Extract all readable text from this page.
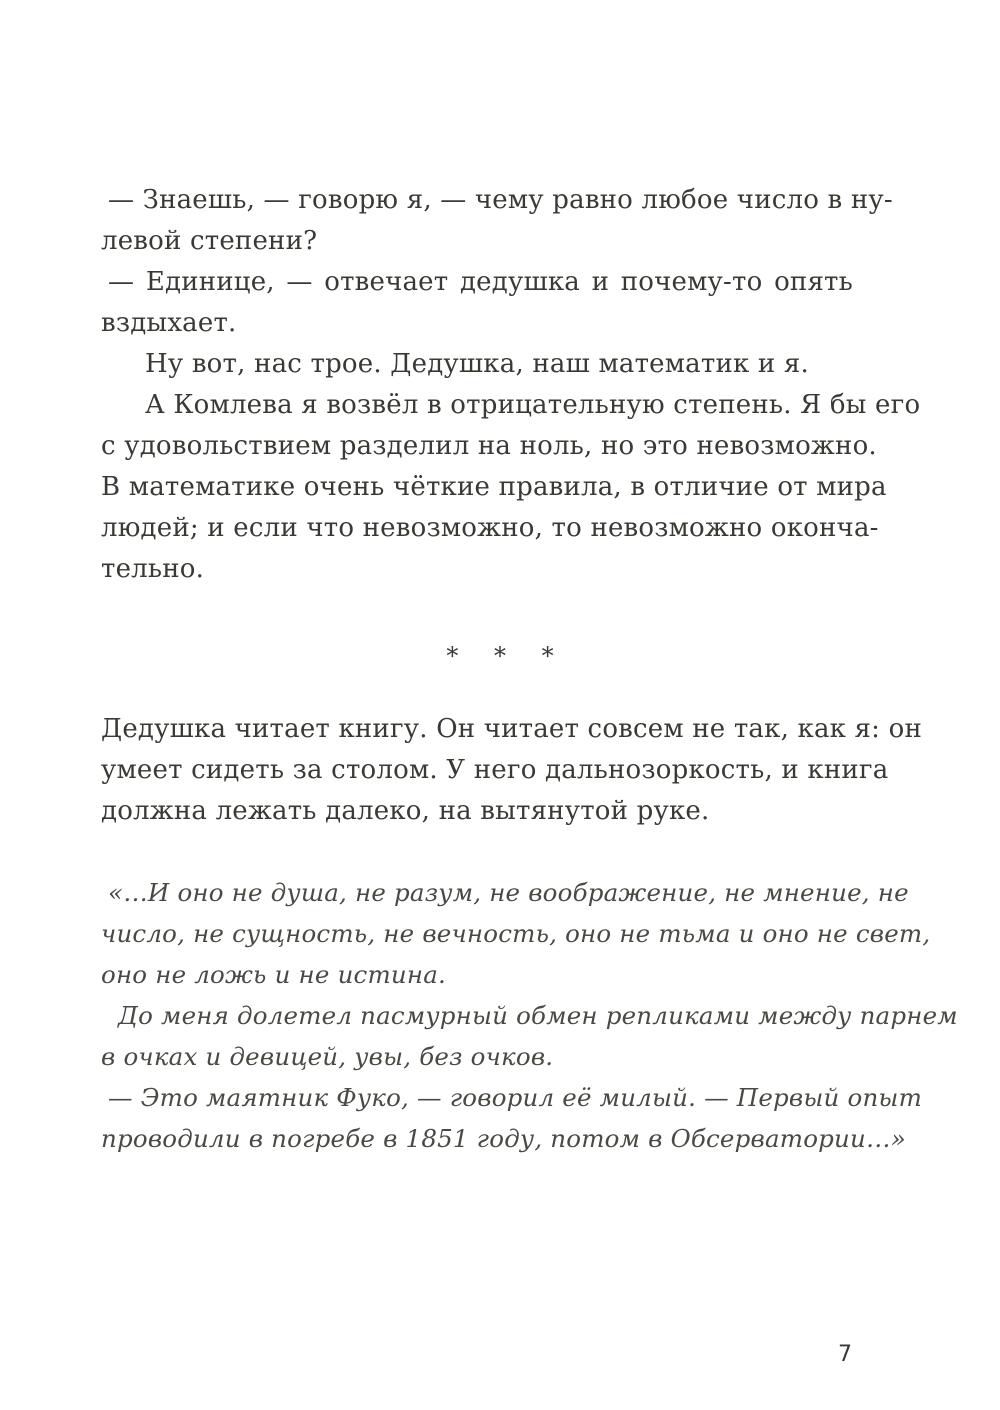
— Знаешь, — говорю я, — чему равно любое число в ну-
левой степени?
— Единице, — отвечает дедушка и почему-то опять
вздыхает.
Ну вот, нас трое. Дедушка, наш математик и я.
А Комлева я возвёл в отрицательную степень. Я бы его
с удовольствием разделил на ноль, но это невозможно.
В математике очень чёткие правила, в отличие от мира
людей; и если что невозможно, то невозможно оконча-
тельно.
* * *
Дедушка читает книгу. Он читает совсем не так, как я: он
умеет сидеть за столом. У него дальнозоркость, и книга
должна лежать далеко, на вытянутой руке.
«…И оно не душа, не разум, не воображение, не мнение, не
число, не сущность, не вечность, оно не тьма и оно не свет,
оно не ложь и не истина.
До меня долетел пасмурный обмен репликами между парнем
в очках и девицей, увы, без очков.
— Это маятник Фуко, — говорил её милый. — Первый опыт
проводили в погребе в 1851 году, потом в Обсерватории…»
7
